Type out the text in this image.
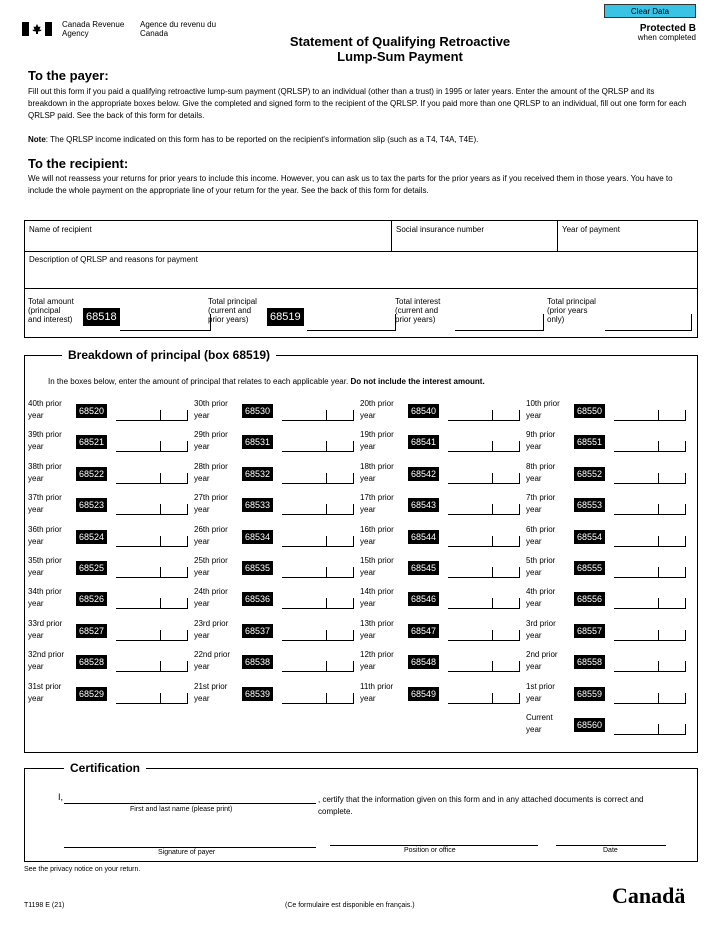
Canada Revenue Agency
Agence du revenu du Canada
Clear Data
Protected B
when completed
Statement of Qualifying Retroactive
Lump-Sum Payment
To the payer:
Fill out this form if you paid a qualifying retroactive lump-sum payment (QRLSP) to an individual (other than a trust) in 1995 or later years. Enter the amount of the QRLSP and its breakdown in the appropriate boxes below. Give the completed and signed form to the recipient of the QRLSP. If you paid more than one QRLSP to an individual, fill out one form for each QRLSP paid. See the back of this form for details.
Note: The QRLSP income indicated on this form has to be reported on the recipient's information slip (such as a T4, T4A, T4E).
To the recipient:
We will not reassess your returns for prior years to include this income. However, you can ask us to tax the parts for the prior years as if you received them in those years. You have to include the whole payment on the appropriate line of your return for the year. See the back of this form for details.
Name of recipient	Social insurance number	Year of payment
Description of QRLSP and reasons for payment
Total amount
(principal
and interest) 68518
Total principal
(current and
prior years)	68519
Total interest
(current and
prior years)
Total principal
(prior years
only)
Breakdown of principal (box 68519)
In the boxes below, enter the amount of principal that relates to each applicable year. Do not include the interest amount.
40th prior
year	68520
39th prior
year	68521
38th prior
year	68522
37th prior
year	68523
36th prior
year	68524
35th prior
year	68525
34th prior
year	68526
33rd prior
year	68527
32nd prior
year	68528
31st prior
year	68529
30th prior
year	68530
29th prior
year	68531
28th prior
year	68532
27th prior
year	68533
26th prior
year	68534
25th prior
year	68535
24th prior
year	68536
23rd prior
year	68537
22nd prior
year	68538
21st prior
year	68539
20th prior
year	68540
19th prior
year	68541
18th prior
year	68542
17th prior
year	68543
16th prior
year	68544
15th prior
year	68545
14th prior
year	68546
13th prior
year	68547
12th prior
year	68548
11th prior
year	68549
10th prior
year	68550
9th prior
year	68551
8th prior
year	68552
7th prior
year	68553
6th prior
year	68554
5th prior
year	68555
4th prior
year	68556
3rd prior
year	68557
2nd prior
year	68558
1st prior
year	68559
Current
year	68560
Certification
I,
First and last name (please print)
, certify that the information given on this form and in any attached documents is correct and complete.
Signature of payer	Position or office	Date
See the privacy notice on your return.
T1198 E (21)	(Ce formulaire est disponible en français.)	Canadä
